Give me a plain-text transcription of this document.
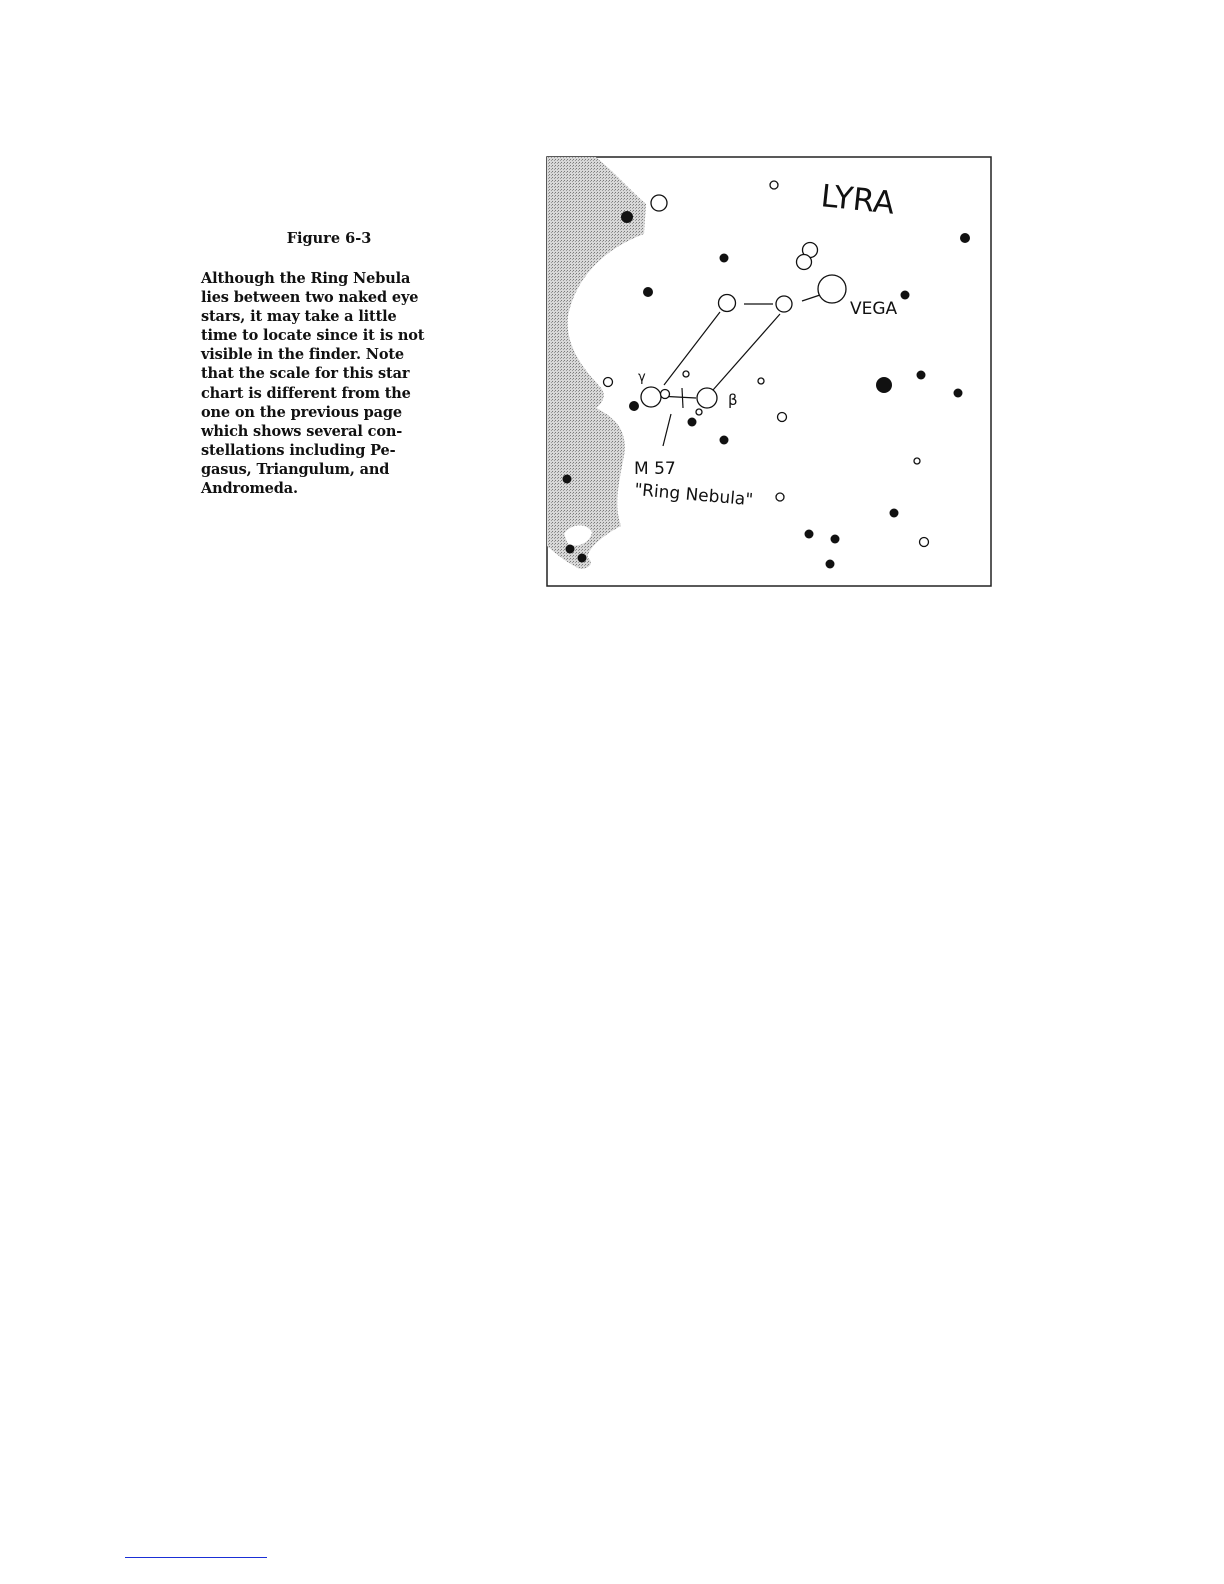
Figure 6-3
Although the Ring Nebula
lies between two naked eye
stars, it may take a little
time to locate since it is not
visible in the finder. Note
that the scale for this star
chart is different from the
one on the previous page
which shows several con-
stellations including Pe-
gasus, Triangulum, and
Andromeda.
LYRA
VEGA
γ
β
M 57
"Ring Nebula"
